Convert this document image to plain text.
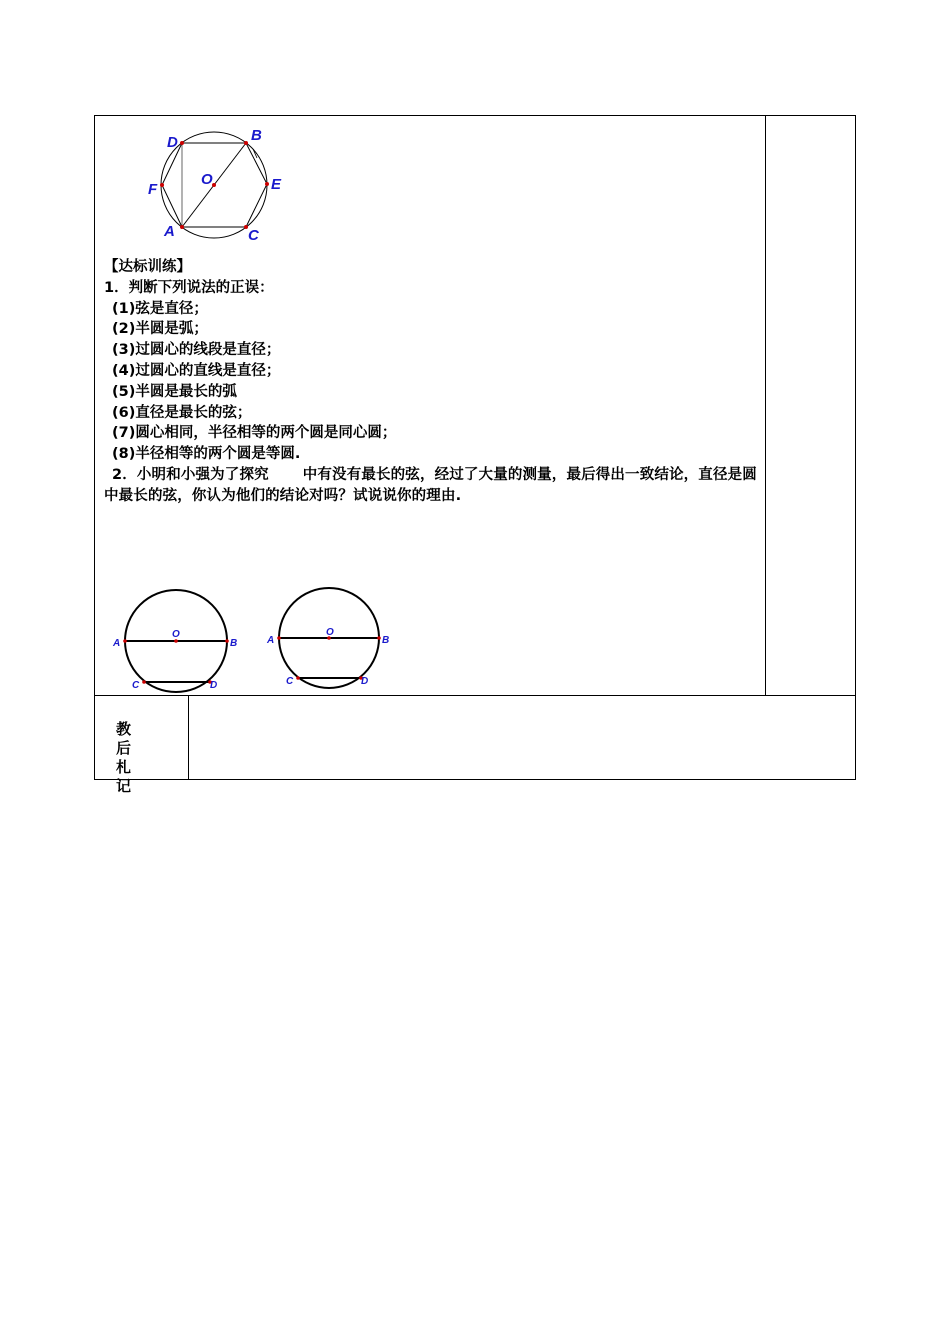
D	B
O
F	E
A	C

【达标训练】

1．判断下列说法的正误：

(1)弦是直径；

(2)半圆是弧；

(3)过圆心的线段是直径；

(4)过圆心的直线是直径；

(5)半圆是最长的弧

(6)直径是最长的弦；

(7)圆心相同，半径相等的两个圆是同心圆；

(8)半径相等的两个圆是等圆.

2．小明和小强为了探究 中有没有最长的弦，经过了大量的测量，最后得出一致结论，直径是圆中最长的弦，你认为他们的结论对吗？试说说你的理由.

O
A	B
C	D
O
A	B
C	D
教后
札记
